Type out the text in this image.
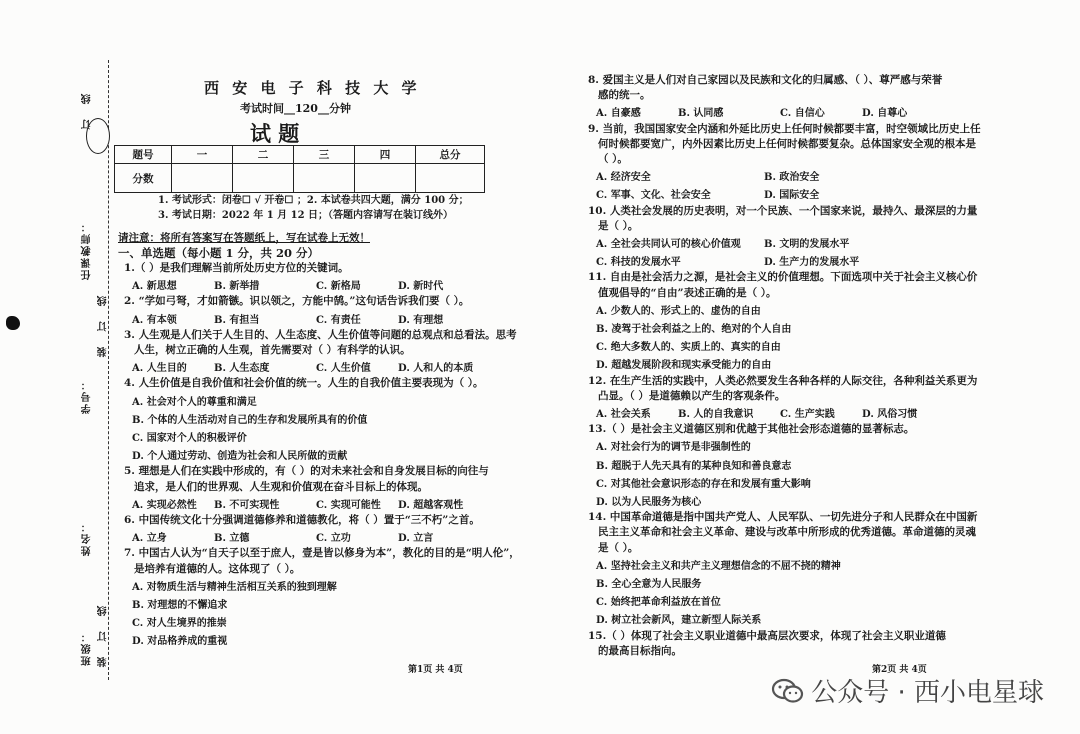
订 线
任课教师：
装 订 线
学号：
姓名：
班级： 装 订 线
西 安 电 子 科 技 大 学
考试时间__120__分钟
试 题
题号	一	二	三	四	总分
分数					
1. 考试形式：闭卷☐ √ 开卷☐ ；2. 本试卷共四大题，满分 100 分；
3. 考试日期：2022 年 1 月 12 日；（答题内容请写在装订线外）
请注意：将所有答案写在答题纸上，写在试卷上无效！
一、单选题（每小题 1 分，共 20 分）
1.（ ）是我们理解当前所处历史方位的关键词。
A. 新思想	B. 新举措	C. 新格局	D. 新时代
2. “学如弓弩，才如箭镞。识以领之，方能中鹄。”这句话告诉我们要（ ）。
A. 有本领	B. 有担当	C. 有责任	D. 有理想
3. 人生观是人们关于人生目的、人生态度、人生价值等问题的总观点和总看法。思考
人生，树立正确的人生观，首先需要对（ ）有科学的认识。
A. 人生目的	B. 人生态度	C. 人生价值	D. 人和人的本质
4. 人生价值是自我价值和社会价值的统一。人生的自我价值主要表现为（ ）。
A. 社会对个人的尊重和满足
B. 个体的人生活动对自己的生存和发展所具有的价值
C. 国家对个人的积极评价
D. 个人通过劳动、创造为社会和人民所做的贡献
5. 理想是人们在实践中形成的，有（ ）的对未来社会和自身发展目标的向往与
追求，是人们的世界观、人生观和价值观在奋斗目标上的体现。
A. 实现必然性 B. 不可实现性	C. 实现可能性 D. 超越客观性
6. 中国传统文化十分强调道德修养和道德教化，将（ ）置于“三不朽”之首。
A. 立身	B. 立德	C. 立功	D. 立言
7. 中国古人认为“自天子以至于庶人，壹是皆以修身为本”，教化的目的是“明人伦”，
是培养有道德的人。这体现了（ ）。
A. 对物质生活与精神生活相互关系的独到理解
B. 对理想的不懈追求
C. 对人生境界的推崇
D. 对品格养成的重视
第1页 共 4页
8. 爱国主义是人们对自己家园以及民族和文化的归属感、（ ）、尊严感与荣誉
感的统一。
A. 自豪感	B. 认同感	C. 自信心	D. 自尊心
9. 当前，我国国家安全内涵和外延比历史上任何时候都要丰富，时空领域比历史上任
何时候都要宽广，内外因素比历史上任何时候都要复杂。总体国家安全观的根本是
（ ）。
A. 经济安全	B. 政治安全
C. 军事、文化、社会安全	D. 国际安全
10. 人类社会发展的历史表明，对一个民族、一个国家来说，最持久、最深层的力量
是（ ）。
A. 全社会共同认可的核心价值观 B. 文明的发展水平
C. 科技的发展水平	D. 生产力的发展水平
11. 自由是社会活力之源，是社会主义的价值理想。下面选项中关于社会主义核心价
值观倡导的“自由”表述正确的是（ ）。
A. 少数人的、形式上的、虚伪的自由
B. 凌驾于社会利益之上的、绝对的个人自由
C. 绝大多数人的、实质上的、真实的自由
D. 超越发展阶段和现实承受能力的自由
12. 在生产生活的实践中，人类必然要发生各种各样的人际交往，各种利益关系更为
凸显。（ ）是道德赖以产生的客观条件。
A. 社会关系	B. 人的自我意识	C. 生产实践	D. 风俗习惯
13.（ ）是社会主义道德区别和优越于其他社会形态道德的显著标志。
A. 对社会行为的调节是非强制性的
B. 超脱于人先天具有的某种良知和善良意志
C. 对其他社会意识形态的存在和发展有重大影响
D. 以为人民服务为核心
14. 中国革命道德是指中国共产党人、人民军队、一切先进分子和人民群众在中国新
民主主义革命和社会主义革命、建设与改革中所形成的优秀道德。革命道德的灵魂
是（ ）。
A. 坚持社会主义和共产主义理想信念的不屈不挠的精神
B. 全心全意为人民服务
C. 始终把革命利益放在首位
D. 树立社会新风，建立新型人际关系
15.（ ）体现了社会主义职业道德中最高层次要求，体现了社会主义职业道德
的最高目标指向。
第2页 共 4页
公众号 · 西小电星球
